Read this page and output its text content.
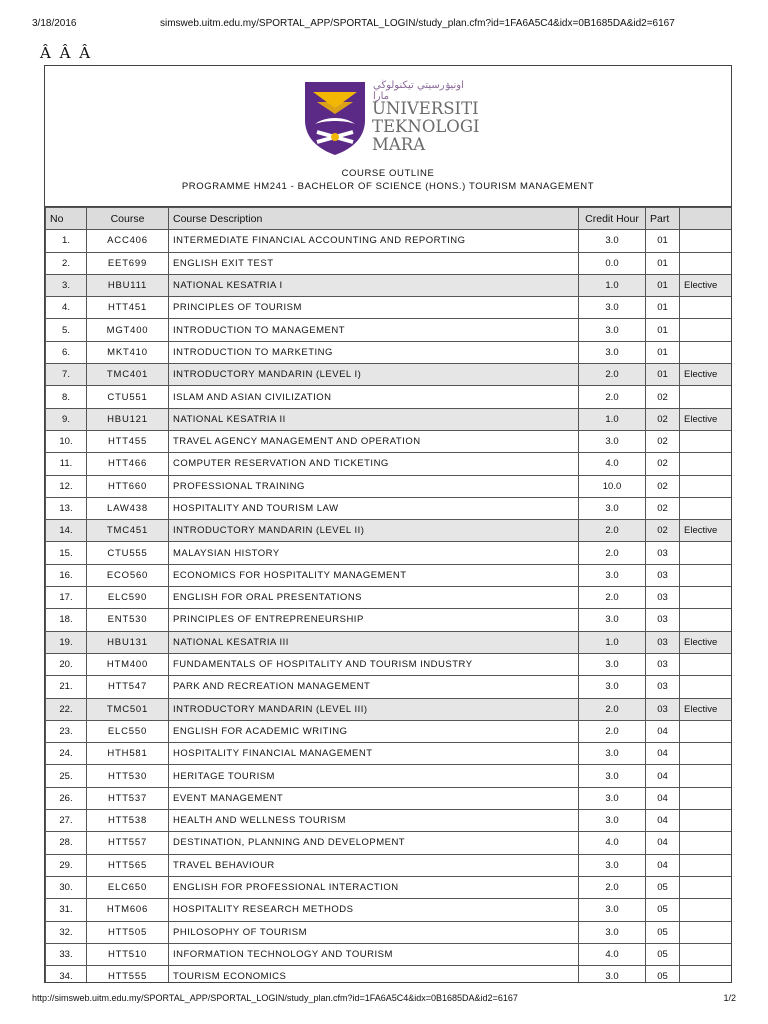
3/18/2016	simsweb.uitm.edu.my/SPORTAL_APP/SPORTAL_LOGIN/study_plan.cfm?id=1FA6A5C4&idx=0B1685DA&id2=6167
Â Â Â
اونيۏرسيتي تيكنولوڬي مارا
UNIVERSITI
TEKNOLOGI
MARA
COURSE OUTLINE
PROGRAMME HM241 - BACHELOR OF SCIENCE (HONS.) TOURISM MANAGEMENT
No	Course	Course Description	Credit Hour	Part	
1.	ACC406	INTERMEDIATE FINANCIAL ACCOUNTING AND REPORTING	3.0	01	
2.	EET699	ENGLISH EXIT TEST	0.0	01	
3.	HBU111	NATIONAL KESATRIA I	1.0	01	Elective
4.	HTT451	PRINCIPLES OF TOURISM	3.0	01	
5.	MGT400	INTRODUCTION TO MANAGEMENT	3.0	01	
6.	MKT410	INTRODUCTION TO MARKETING	3.0	01	
7.	TMC401	INTRODUCTORY MANDARIN (LEVEL I)	2.0	01	Elective
8.	CTU551	ISLAM AND ASIAN CIVILIZATION	2.0	02	
9.	HBU121	NATIONAL KESATRIA II	1.0	02	Elective
10.	HTT455	TRAVEL AGENCY MANAGEMENT AND OPERATION	3.0	02	
11.	HTT466	COMPUTER RESERVATION AND TICKETING	4.0	02	
12.	HTT660	PROFESSIONAL TRAINING	10.0	02	
13.	LAW438	HOSPITALITY AND TOURISM LAW	3.0	02	
14.	TMC451	INTRODUCTORY MANDARIN (LEVEL II)	2.0	02	Elective
15.	CTU555	MALAYSIAN HISTORY	2.0	03	
16.	ECO560	ECONOMICS FOR HOSPITALITY MANAGEMENT	3.0	03	
17.	ELC590	ENGLISH FOR ORAL PRESENTATIONS	2.0	03	
18.	ENT530	PRINCIPLES OF ENTREPRENEURSHIP	3.0	03	
19.	HBU131	NATIONAL KESATRIA III	1.0	03	Elective
20.	HTM400	FUNDAMENTALS OF HOSPITALITY AND TOURISM INDUSTRY	3.0	03	
21.	HTT547	PARK AND RECREATION MANAGEMENT	3.0	03	
22.	TMC501	INTRODUCTORY MANDARIN (LEVEL III)	2.0	03	Elective
23.	ELC550	ENGLISH FOR ACADEMIC WRITING	2.0	04	
24.	HTH581	HOSPITALITY FINANCIAL MANAGEMENT	3.0	04	
25.	HTT530	HERITAGE TOURISM	3.0	04	
26.	HTT537	EVENT MANAGEMENT	3.0	04	
27.	HTT538	HEALTH AND WELLNESS TOURISM	3.0	04	
28.	HTT557	DESTINATION, PLANNING AND DEVELOPMENT	4.0	04	
29.	HTT565	TRAVEL BEHAVIOUR	3.0	04	
30.	ELC650	ENGLISH FOR PROFESSIONAL INTERACTION	2.0	05	
31.	HTM606	HOSPITALITY RESEARCH METHODS	3.0	05	
32.	HTT505	PHILOSOPHY OF TOURISM	3.0	05	
33.	HTT510	INFORMATION TECHNOLOGY AND TOURISM	4.0	05	
34.	HTT555	TOURISM ECONOMICS	3.0	05	
http://simsweb.uitm.edu.my/SPORTAL_APP/SPORTAL_LOGIN/study_plan.cfm?id=1FA6A5C4&idx=0B1685DA&id2=6167	1/2
